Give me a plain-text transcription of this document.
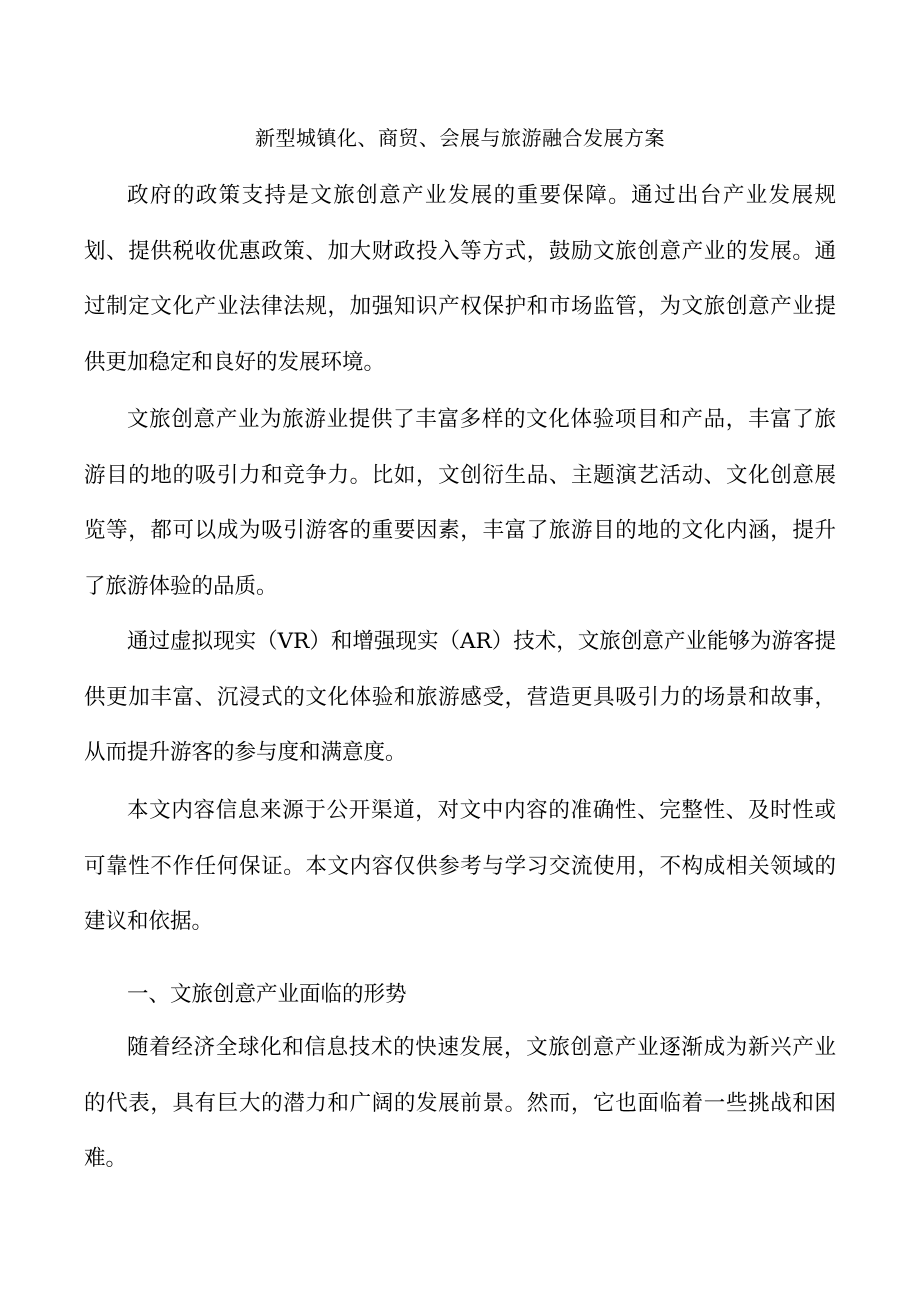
新型城镇化、商贸、会展与旅游融合发展方案

政府的政策支持是文旅创意产业发展的重要保障。通过出台产业发展规划、提供税收优惠政策、加大财政投入等方式，鼓励文旅创意产业的发展。通过制定文化产业法律法规，加强知识产权保护和市场监管，为文旅创意产业提供更加稳定和良好的发展环境。

文旅创意产业为旅游业提供了丰富多样的文化体验项目和产品，丰富了旅游目的地的吸引力和竞争力。比如，文创衍生品、主题演艺活动、文化创意展览等，都可以成为吸引游客的重要因素，丰富了旅游目的地的文化内涵，提升了旅游体验的品质。

通过虚拟现实（VR）和增强现实（AR）技术，文旅创意产业能够为游客提供更加丰富、沉浸式的文化体验和旅游感受，营造更具吸引力的场景和故事，从而提升游客的参与度和满意度。

本文内容信息来源于公开渠道，对文中内容的准确性、完整性、及时性或可靠性不作任何保证。本文内容仅供参考与学习交流使用，不构成相关领域的建议和依据。

一、文旅创意产业面临的形势

随着经济全球化和信息技术的快速发展，文旅创意产业逐渐成为新兴产业的代表，具有巨大的潜力和广阔的发展前景。然而，它也面临着一些挑战和困难。
